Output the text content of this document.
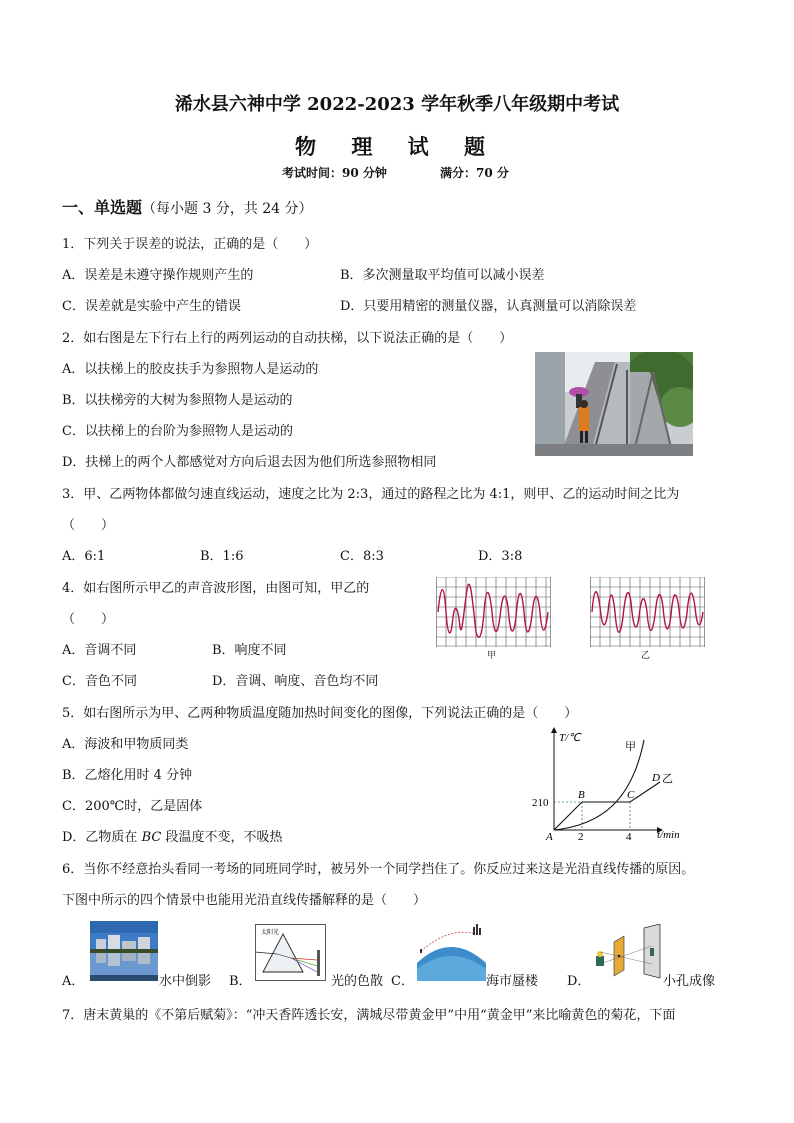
浠水县六神中学 2022-2023 学年秋季八年级期中考试
物 理 试 题
考试时间：90 分钟	满分：70 分
一、单选题（每小题 3 分，共 24 分）
1．下列关于误差的说法，正确的是（　　）
A．误差是未遵守操作规则产生的	B．多次测量取平均值可以减小误差
C．误差就是实验中产生的错误	D．只要用精密的测量仪器，认真测量可以消除误差
2．如右图是左下行右上行的两列运动的自动扶梯，以下说法正确的是（　　）
A．以扶梯上的胶皮扶手为参照物人是运动的
B．以扶梯旁的大树为参照物人是运动的
C．以扶梯上的台阶为参照物人是运动的
D．扶梯上的两个人都感觉对方向后退去因为他们所选参照物相同
3．甲、乙两物体都做匀速直线运动，速度之比为 2:3，通过的路程之比为 4:1，则甲、乙的运动时间之比为
（　　）
A．6:1	B．1:6	C．8:3	D．3:8
4．如右图所示甲乙的声音波形图，由图可知，甲乙的
（　　）
A．音调不同	B．响度不同
C．音色不同	D．音调、响度、音色均不同
甲	乙
5．如右图所示为甲、乙两种物质温度随加热时间变化的图像，下列说法正确的是（　　）
A．海波和甲物质同类
B．乙熔化用时 4 分钟
C．200℃时，乙是固体
D．乙物质在 BC 段温度不变，不吸热
T/℃
t/min
210
2	4
A
B	C
D
甲
乙
6．当你不经意抬头看同一考场的同班同学时，被另外一个同学挡住了。你反应过来这是光沿直线传播的原因。
下图中所示的四个情景中也能用光沿直线传播解释的是（　　）
A．	水中倒影 B．
太阳光
光的色散 C．	海市蜃楼 D．	小孔成像
7．唐末黄巢的《不第后赋菊》：“冲天香阵透长安，满城尽带黄金甲”中用“黄金甲”来比喻黄色的菊花，下面
